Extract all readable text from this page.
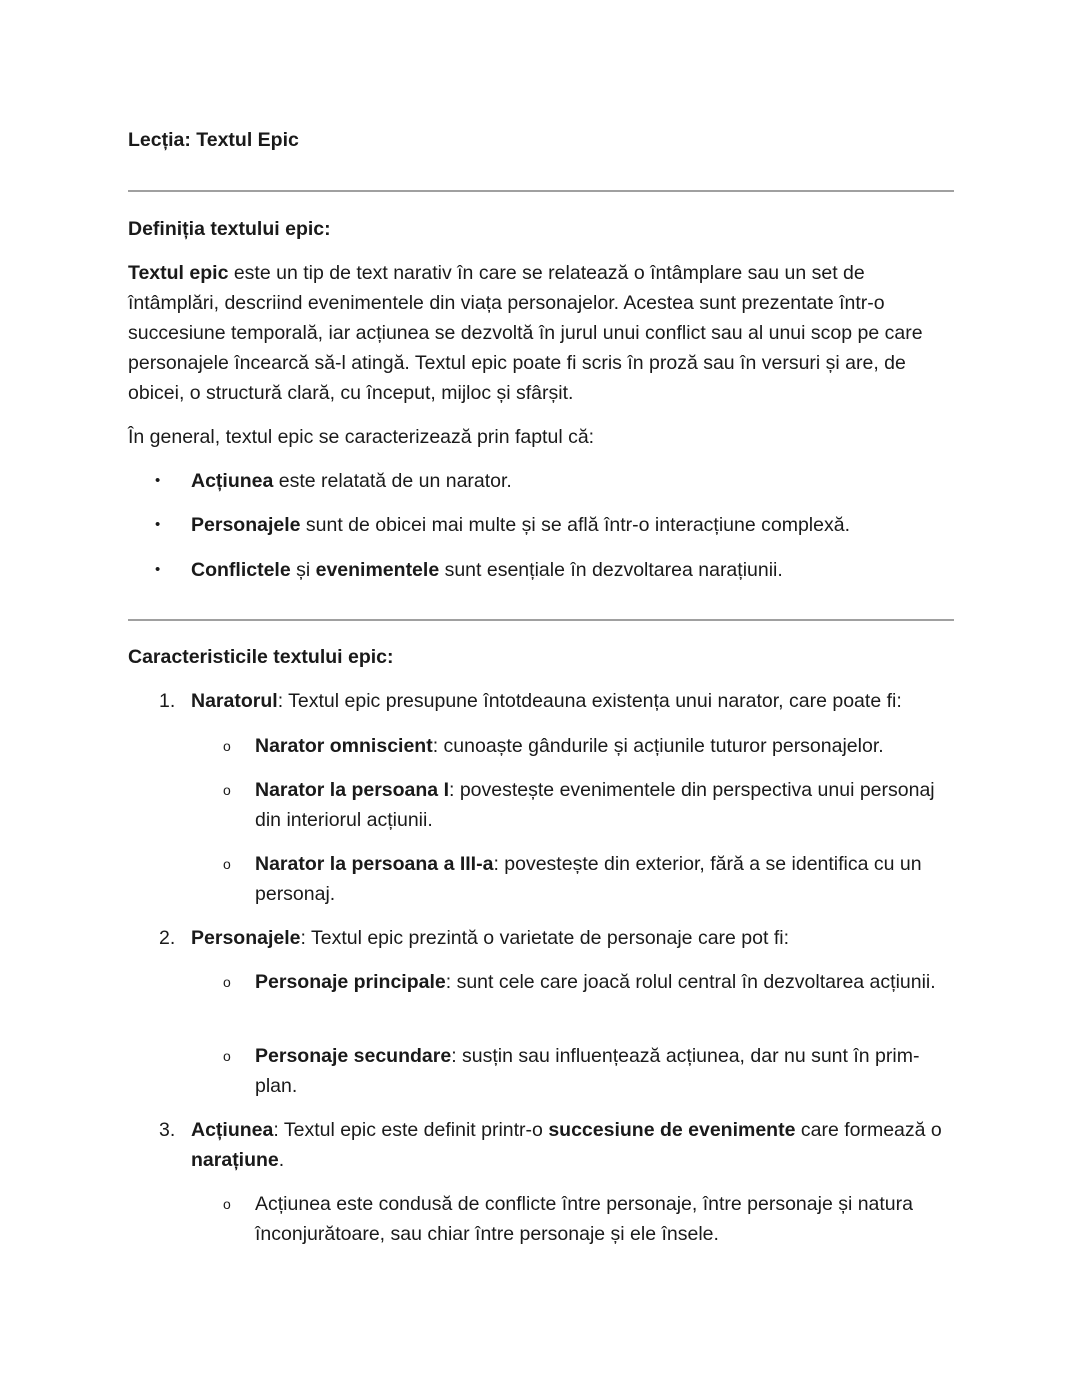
Lecția: Textul Epic
Definiția textului epic:

Textul epic este un tip de text narativ în care se relatează o întâmplare sau un set de întâmplări, descriind evenimentele din viața personajelor. Acestea sunt prezentate într-o succesiune temporală, iar acțiunea se dezvoltă în jurul unui conflict sau al unui scop pe care personajele încearcă să-l atingă. Textul epic poate fi scris în proză sau în versuri și are, de obicei, o structură clară, cu început, mijloc și sfârșit.

În general, textul epic se caracterizează prin faptul că:

• Acțiunea este relatată de un narator.
• Personajele sunt de obicei mai multe și se află într-o interacțiune complexă.
• Conflictele și evenimentele sunt esențiale în dezvoltarea narațiunii.
Caracteristicile textului epic:
1. Naratorul: Textul epic presupune întotdeauna existența unui narator, care poate fi:
o Narator omniscient: cunoaște gândurile și acțiunile tuturor personajelor.
o Narator la persoana I: povestește evenimentele din perspectiva unui personaj din interiorul acțiunii.
o Narator la persoana a III-a: povestește din exterior, fără a se identifica cu un personaj.
2. Personajele: Textul epic prezintă o varietate de personaje care pot fi:
o Personaje principale: sunt cele care joacă rolul central în dezvoltarea acțiunii.
o Personaje secundare: susțin sau influențează acțiunea, dar nu sunt în prim-plan.
3. Acțiunea: Textul epic este definit printr-o succesiune de evenimente care formează o narațiune.
o Acțiunea este condusă de conflicte între personaje, între personaje și natura înconjurătoare, sau chiar între personaje și ele însele.
